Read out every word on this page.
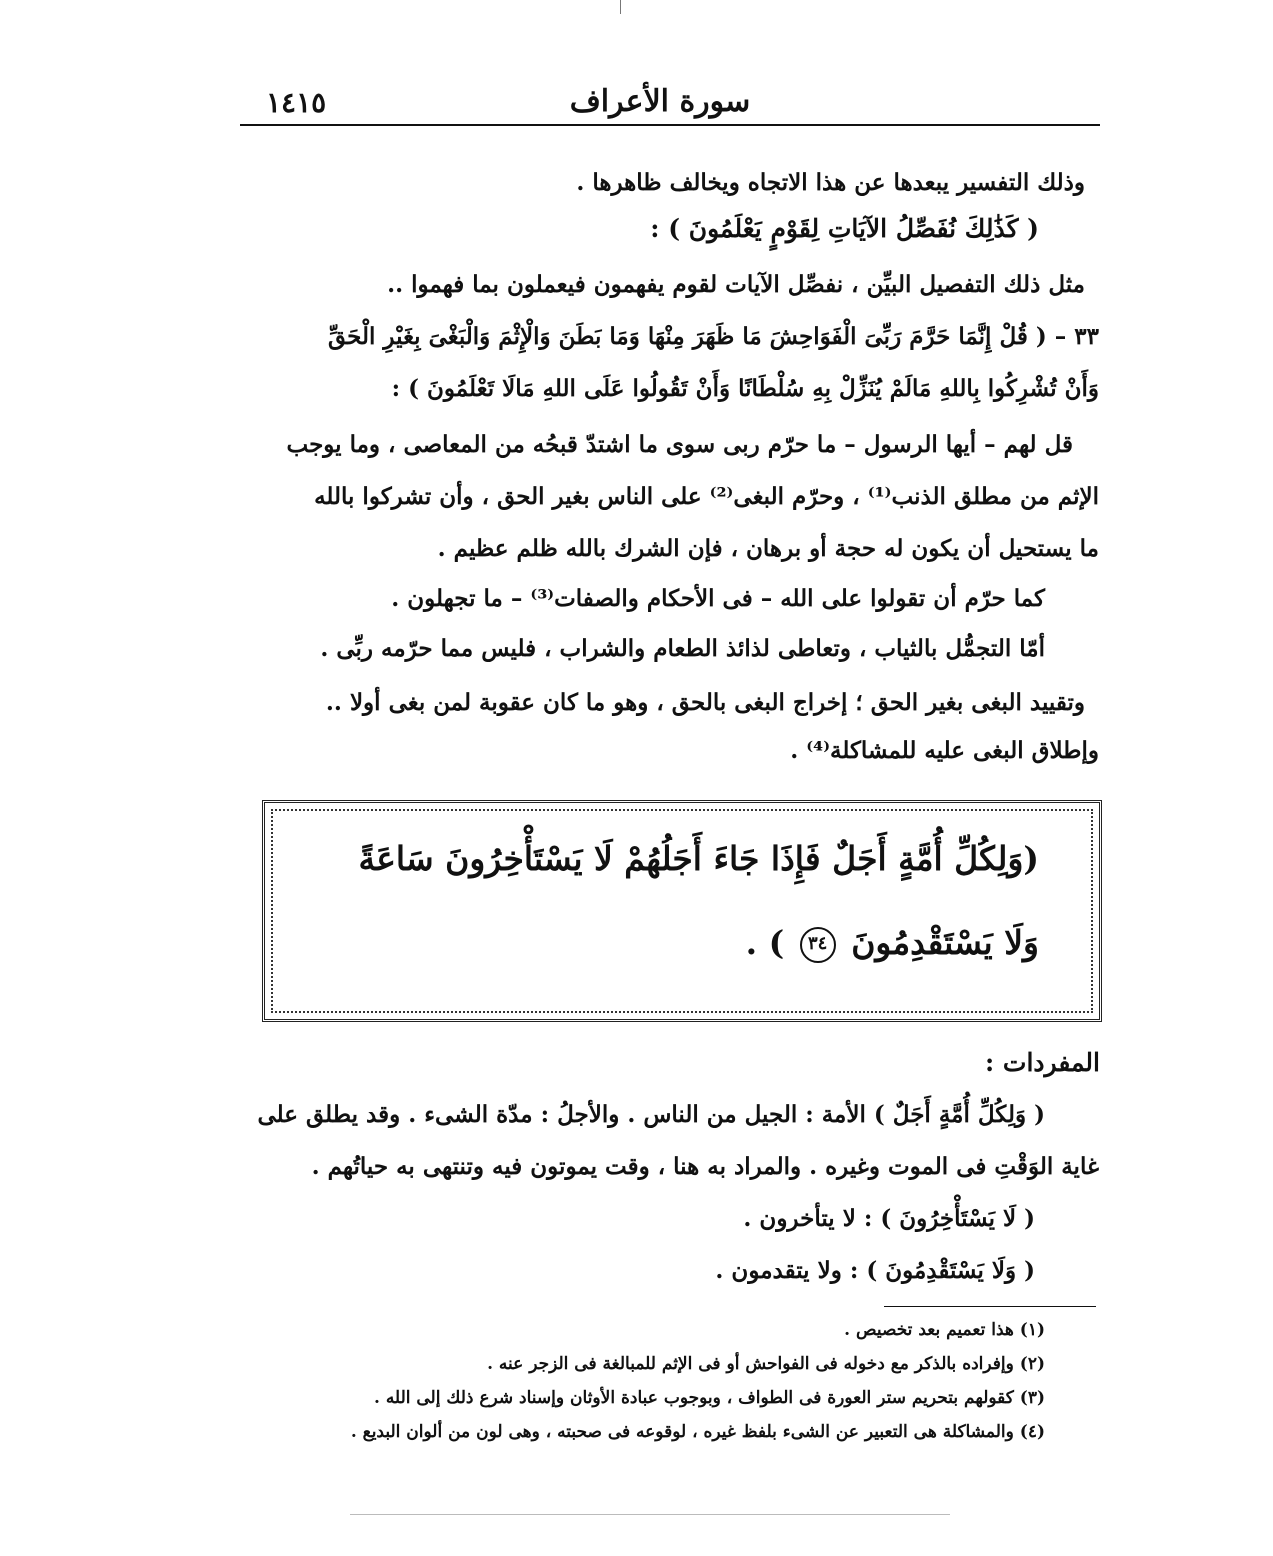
سورة الأعراف
١٤١٥
وذلك التفسير يبعدها عن هذا الاتجاه ويخالف ظاهرها .
( كَذَٰلِكَ نُفَصِّلُ الآيَاتِ لِقَوْمٍ يَعْلَمُونَ ) :
مثل ذلك التفصيل البيِّن ، نفصِّل الآيات لقوم يفهمون فيعملون بما فهموا ..
٣٣ – ( قُلْ إِنَّمَا حَرَّمَ رَبِّىَ الْفَوَاحِشَ مَا ظَهَرَ مِنْهَا وَمَا بَطَنَ وَالْإِثْمَ وَالْبَغْىَ بِغَيْرِ الْحَقِّ
وَأَنْ تُشْرِكُوا بِاللهِ مَالَمْ يُنَزِّلْ بِهِ سُلْطَانًا وَأَنْ تَقُولُوا عَلَى اللهِ مَالَا تَعْلَمُونَ ) :
قل لهم – أيها الرسول – ما حرّم ربى سوى ما اشتدّ قبحُه من المعاصى ، وما يوجب
الإثم من مطلق الذنب⁽¹⁾ ، وحرّم البغى⁽²⁾ على الناس بغير الحق ، وأن تشركوا بالله
ما يستحيل أن يكون له حجة أو برهان ، فإن الشرك بالله ظلم عظيم .
كما حرّم أن تقولوا على الله – فى الأحكام والصفات⁽³⁾ – ما تجهلون .
أمّا التجمُّل بالثياب ، وتعاطى لذائذ الطعام والشراب ، فليس مما حرّمه ربِّى .
وتقييد البغى بغير الحق ؛ إخراج البغى بالحق ، وهو ما كان عقوبة لمن بغى أولا ..
وإطلاق البغى عليه للمشاكلة⁽⁴⁾ .
(وَلِكُلِّ أُمَّةٍ أَجَلٌ فَإِذَا جَاءَ أَجَلُهُمْ لَا يَسْتَأْخِرُونَ سَاعَةً
وَلَا يَسْتَقْدِمُونَ ٣٤ ) .
المفردات :
( وَلِكُلِّ أُمَّةٍ أَجَلٌ ) الأمة : الجيل من الناس . والأجلُ : مدّة الشىء . وقد يطلق على
غاية الوَقْتِ فى الموت وغيره . والمراد به هنا ، وقت يموتون فيه وتنتهى به حياتُهم .
( لَا يَسْتَأْخِرُونَ ) : لا يتأخرون .
( وَلَا يَسْتَقْدِمُونَ ) : ولا يتقدمون .
(١) هذا تعميم بعد تخصيص .
(٢) وإفراده بالذكر مع دخوله فى الفواحش أو فى الإثم للمبالغة فى الزجر عنه .
(٣) كقولهم بتحريم ستر العورة فى الطواف ، وبوجوب عبادة الأوثان وإسناد شرع ذلك إلى الله .
(٤) والمشاكلة هى التعبير عن الشىء بلفظ غيره ، لوقوعه فى صحبته ، وهى لون من ألوان البديع .
